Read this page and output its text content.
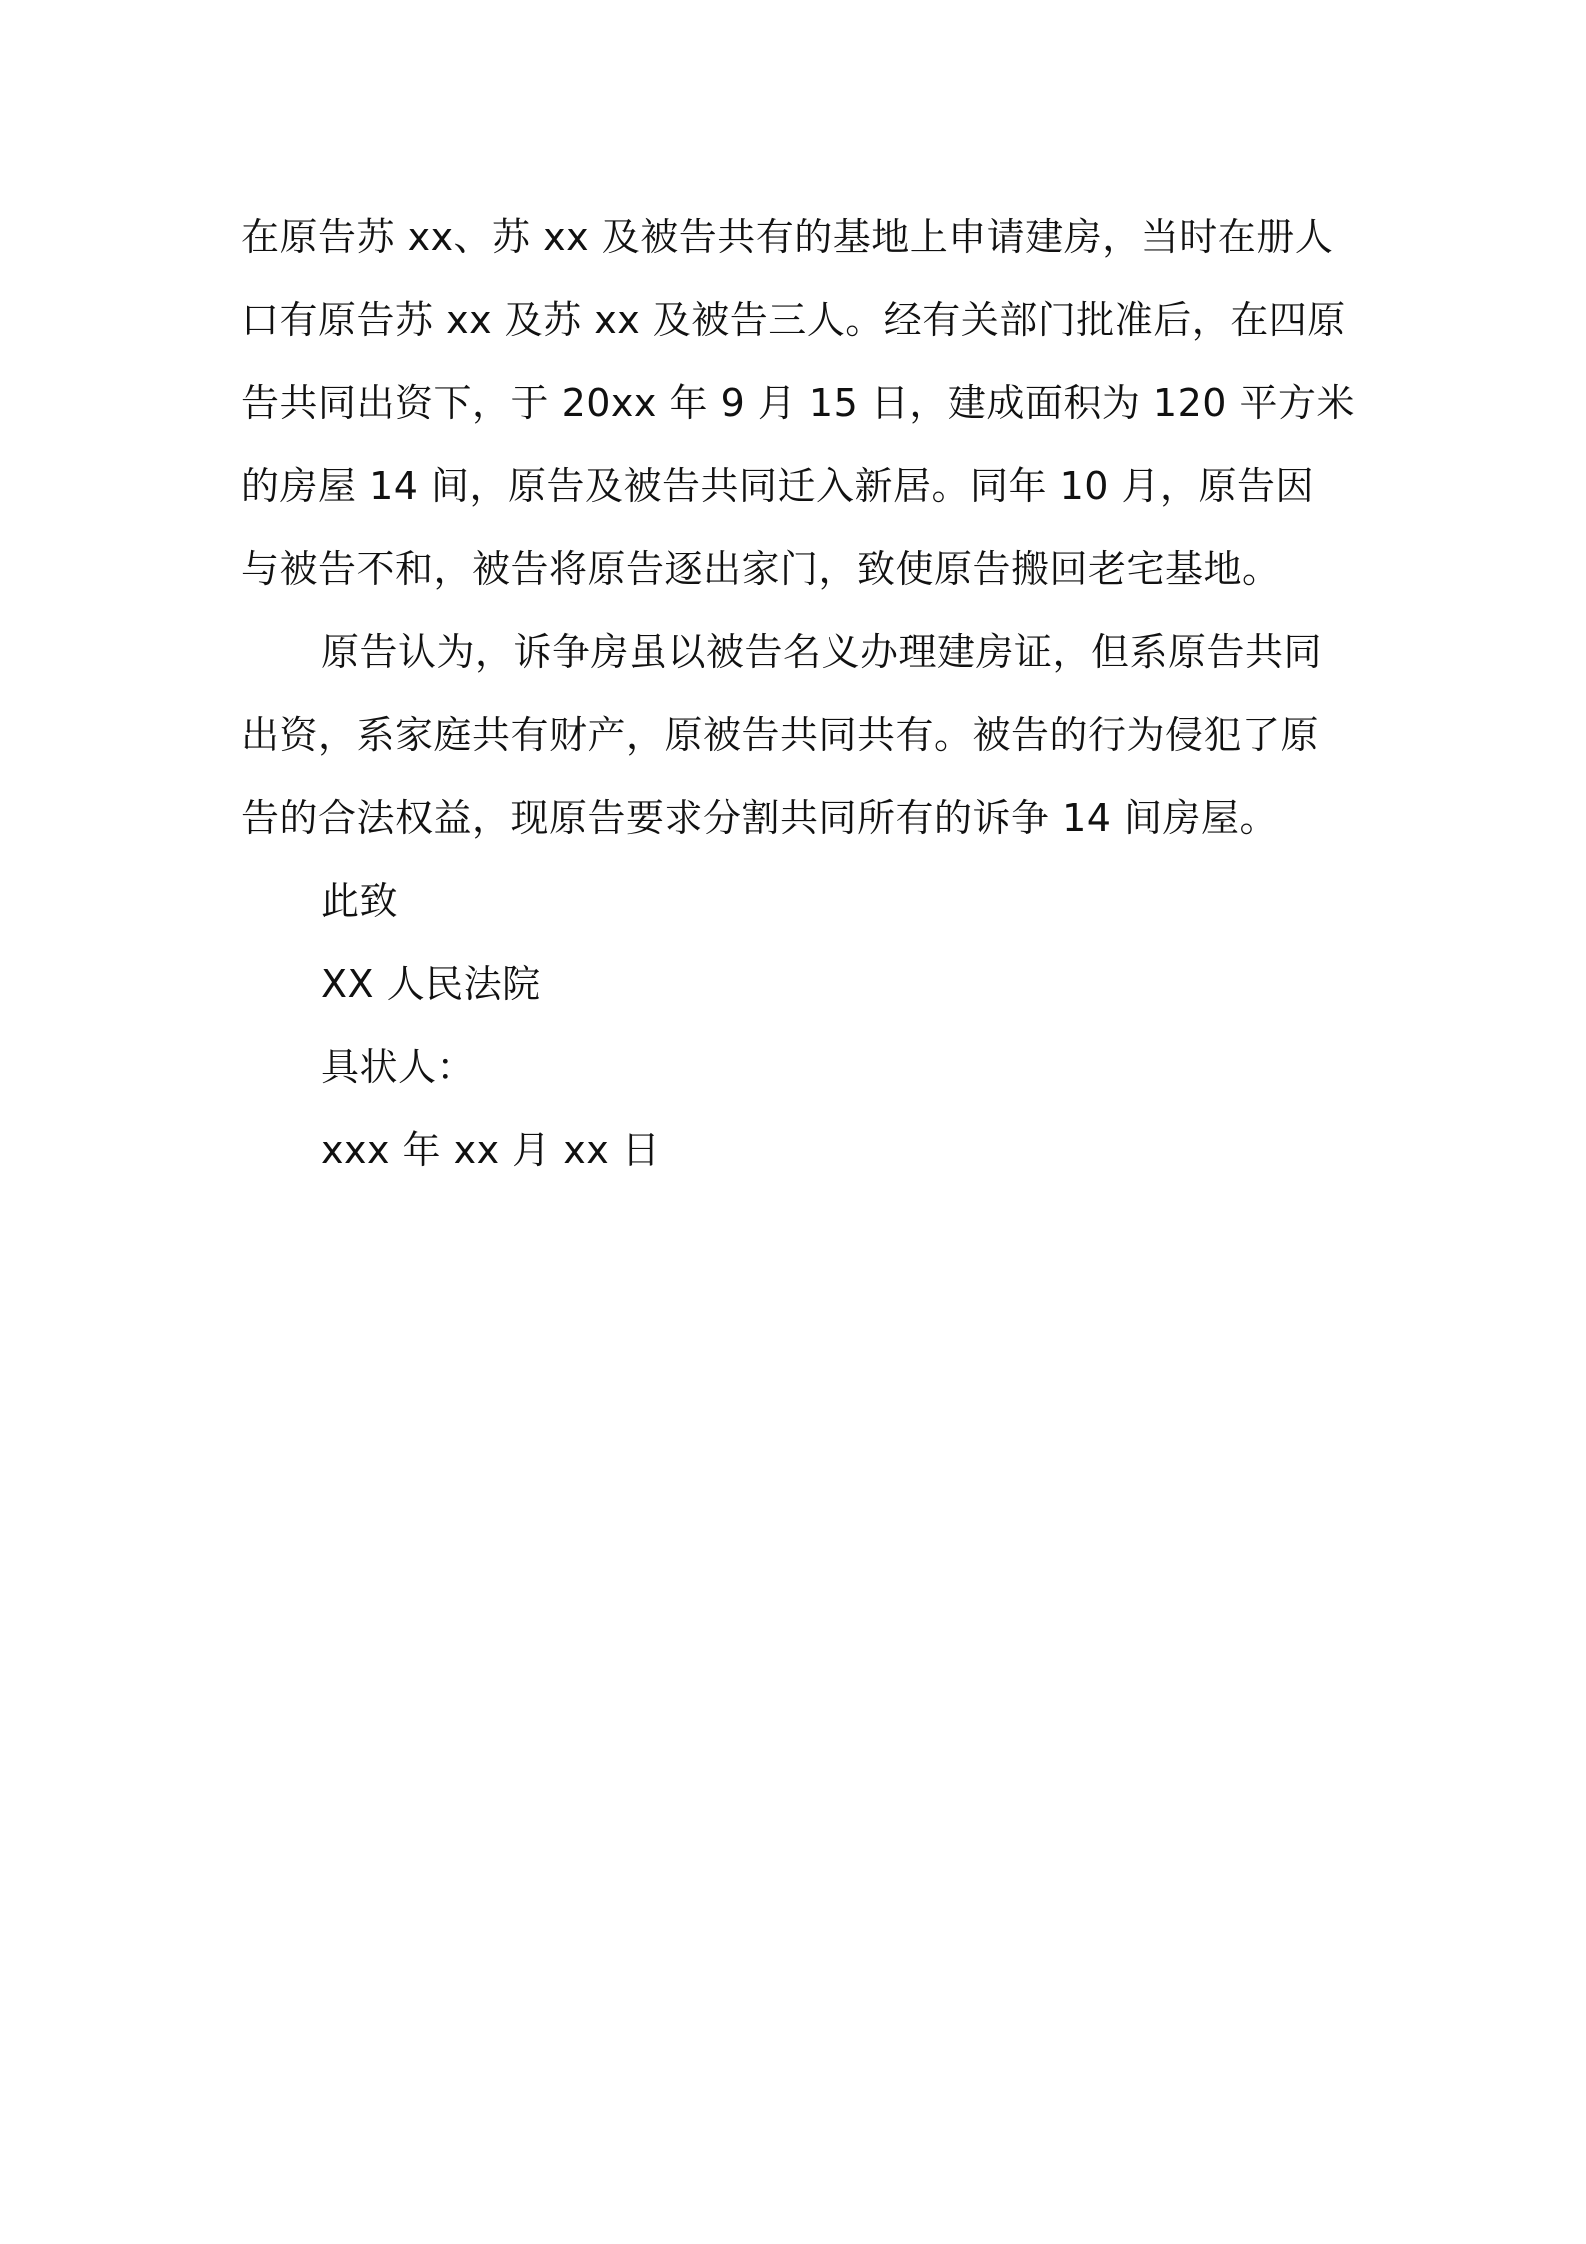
在原告苏 xx、苏 xx 及被告共有的基地上申请建房，当时在册人
口有原告苏 xx 及苏 xx 及被告三人。经有关部门批准后，在四原
告共同出资下，于 20xx 年 9 月 15 日，建成面积为 120 平方米
的房屋 14 间，原告及被告共同迁入新居。同年 10 月，原告因
与被告不和，被告将原告逐出家门，致使原告搬回老宅基地。
原告认为，诉争房虽以被告名义办理建房证，但系原告共同
出资，系家庭共有财产，原被告共同共有。被告的行为侵犯了原
告的合法权益，现原告要求分割共同所有的诉争 14 间房屋。
此致
XX 人民法院
具状人：
xxx 年 xx 月 xx 日
